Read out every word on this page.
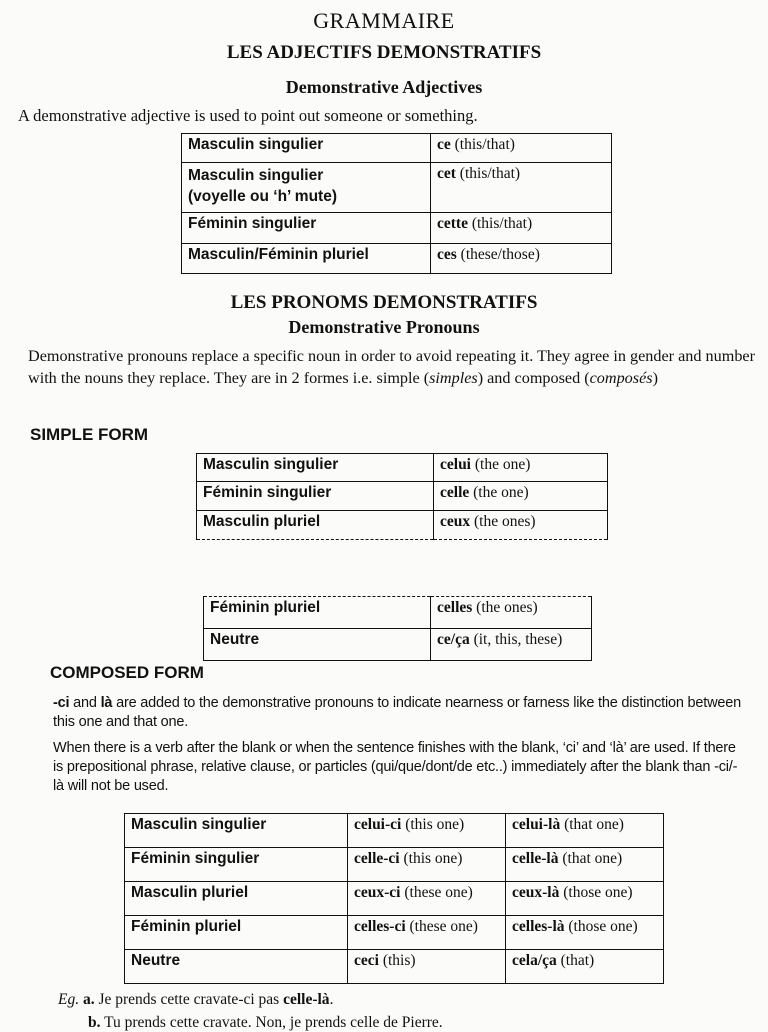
GRAMMAIRE
LES ADJECTIFS DEMONSTRATIFS
Demonstrative Adjectives
A demonstrative adjective is used to point out someone or something.
Masculin singulier	ce (this/that)
Masculin singulier
(voyelle ou ‘h’ mute)	cet (this/that)
Féminin singulier	cette (this/that)
Masculin/Féminin pluriel	ces (these/those)
LES PRONOMS DEMONSTRATIFS
Demonstrative Pronouns
Demonstrative pronouns replace a specific noun in order to avoid repeating it. They agree in gender and number with the nouns they replace. They are in 2 formes i.e. simple (simples) and composed (composés)
SIMPLE FORM
Masculin singulier	celui (the one)
Féminin singulier	celle (the one)
Masculin pluriel	ceux (the ones)
Féminin pluriel	celles (the ones)
Neutre	ce/ça (it, this, these)
COMPOSED FORM
-ci and là are added to the demonstrative pronouns to indicate nearness or farness like the distinction between this one and that one.
When there is a verb after the blank or when the sentence finishes with the blank, ‘ci’ and ‘là’ are used. If there is prepositional phrase, relative clause, or particles (qui/que/dont/de etc..) immediately after the blank than -ci/-là will not be used.
Masculin singulier	celui-ci (this one)	celui-là (that one)
Féminin singulier	celle-ci (this one)	celle-là (that one)
Masculin pluriel	ceux-ci (these one)	ceux-là (those one)
Féminin pluriel	celles-ci (these one)	celles-là (those one)
Neutre	ceci (this)	cela/ça (that)
Eg. a. Je prends cette cravate-ci pas celle-là.
b. Tu prends cette cravate. Non, je prends celle de Pierre.
